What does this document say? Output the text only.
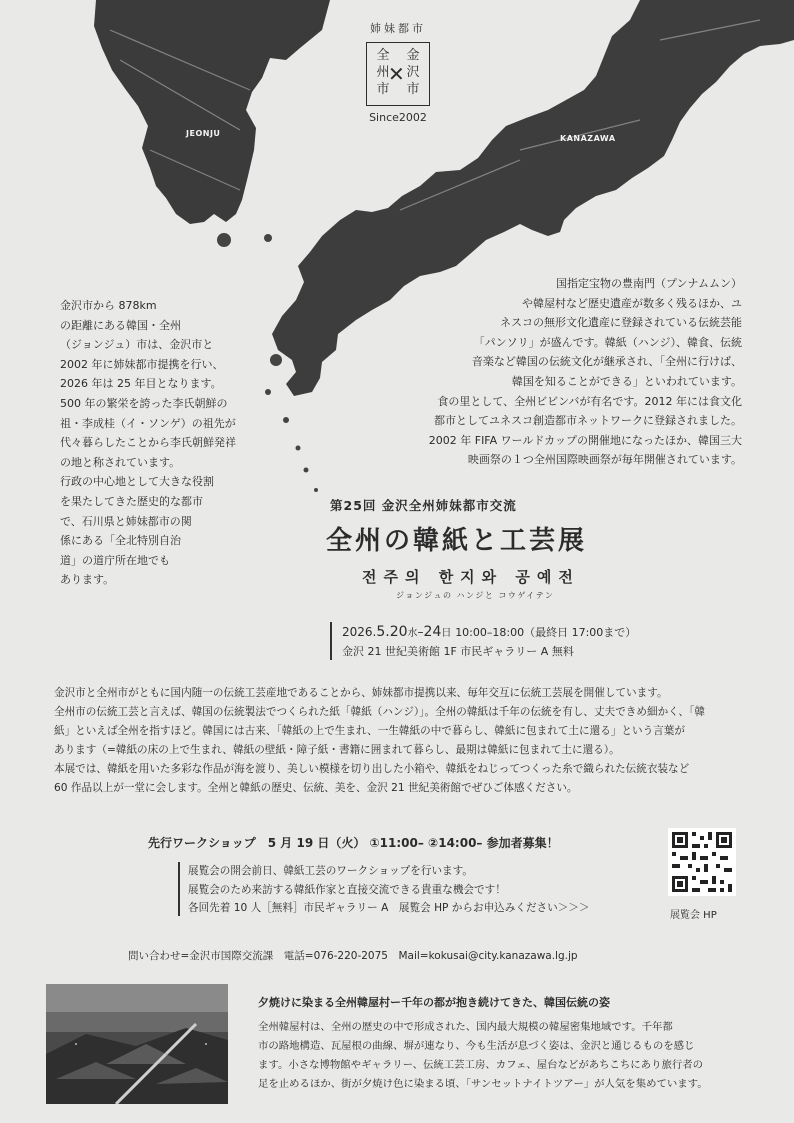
JEONJU
KANAZAWA
姉妹都市
全
州
市
✕
金
沢
市
Since2002
金沢市から 878km
の距離にある韓国・全州
（ジョンジュ）市は、金沢市と
2002 年に姉妹都市提携を行い、
2026 年は 25 年目となります。
500 年の繁栄を誇った李氏朝鮮の
祖・李成桂（イ・ソンゲ）の祖先が
代々暮らしたことから李氏朝鮮発祥
の地と称されています。
行政の中心地として大きな役割
を果たしてきた歴史的な都市
で、石川県と姉妹都市の関
係にある「全北特別自治
道」の道庁所在地でも
あります。
国指定宝物の豊南門（プンナムムン）
や韓屋村など歴史遺産が数多く残るほか、ユ
ネスコの無形文化遺産に登録されている伝統芸能
「パンソリ」が盛んです。韓紙（ハンジ）、韓食、伝統
音楽など韓国の伝統文化が継承され、「全州に行けば、
韓国を知ることができる」といわれています。
食の里として、全州ビビンバが有名です。2012 年には食文化
都市としてユネスコ創造都市ネットワークに登録されました。
2002 年 FIFA ワールドカップの開催地になったほか、韓国三大
映画祭の１つ全州国際映画祭が毎年開催されています。
第25回 金沢全州姉妹都市交流
全州の韓紙と工芸展
전주의 한지와 공예전
ジョンジュの ハンジと コウゲイテン
2026.5.20水–24日 10:00–18:00（最終日 17:00まで）
金沢 21 世紀美術館 1F 市民ギャラリー A 無料
金沢市と全州市がともに国内随一の伝統工芸産地であることから、姉妹都市提携以来、毎年交互に伝統工芸展を開催しています。
全州市の伝統工芸と言えば、韓国の伝統製法でつくられた紙「韓紙（ハンジ）」。全州の韓紙は千年の伝統を有し、丈夫できめ細かく、「韓
紙」といえば全州を指すほど。韓国には古来、「韓紙の上で生まれ、一生韓紙の中で暮らし、韓紙に包まれて土に還る」という言葉が
あります（=韓紙の床の上で生まれ、韓紙の壁紙・障子紙・書籍に囲まれて暮らし、最期は韓紙に包まれて土に還る）。
本展では、韓紙を用いた多彩な作品が海を渡り、美しい模様を切り出した小箱や、韓紙をねじってつくった糸で織られた伝統衣装など
60 作品以上が一堂に会します。全州と韓紙の歴史、伝統、美を、金沢 21 世紀美術館でぜひご体感ください。
先行ワークショップ　5 月 19 日（火） ①11:00– ②14:00– 参加者募集！
展覧会の開会前日、韓紙工芸のワークショップを行います。
展覧会のため来訪する韓紙作家と直接交流できる貴重な機会です！
各回先着 10 人［無料］市民ギャラリー A　展覧会 HP からお申込みください＞＞＞
展覧会 HP
問い合わせ=金沢市国際交流課　電話=076-220-2075　Mail=kokusai@city.kanazawa.lg.jp
夕焼けに染まる全州韓屋村ー千年の都が抱き続けてきた、韓国伝統の姿
全州韓屋村は、全州の歴史の中で形成された、国内最大規模の韓屋密集地域です。千年都
市の路地構造、瓦屋根の曲線、塀が連なり、今も生活が息づく姿は、金沢と通じるものを感じ
ます。小さな博物館やギャラリー、伝統工芸工房、カフェ、屋台などがあちこちにあり旅行者の
足を止めるほか、街が夕焼け色に染まる頃、「サンセットナイトツアー」が人気を集めています。
